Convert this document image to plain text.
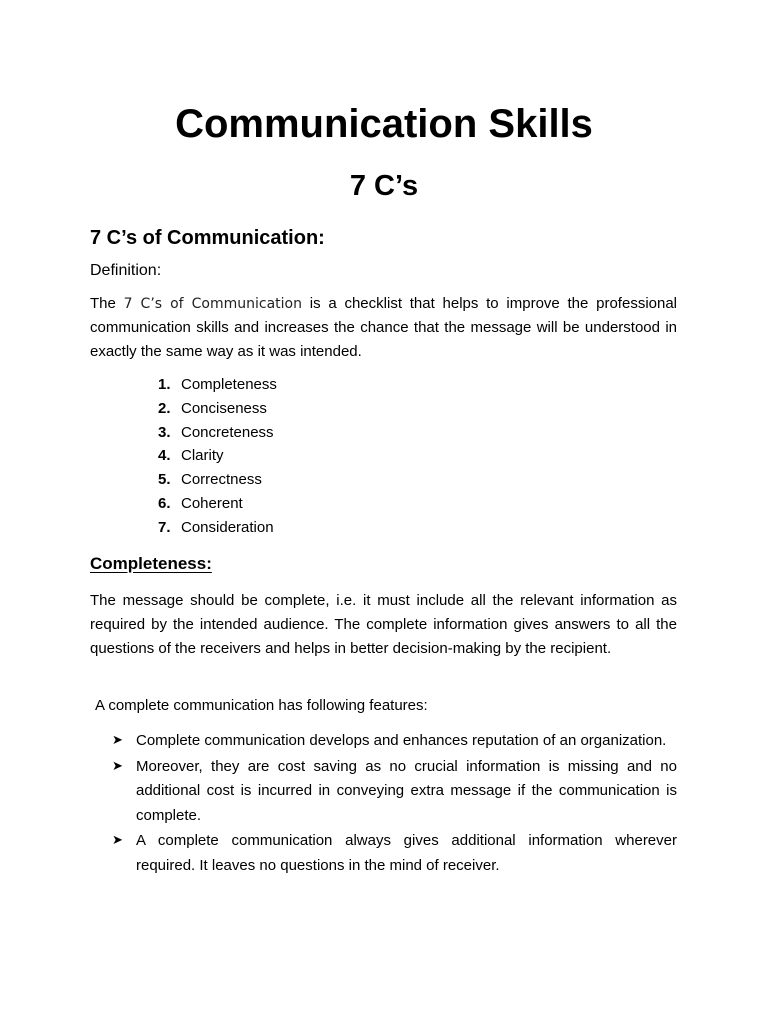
Communication Skills
7 C’s
7 C’s of Communication:
Definition:
The 7 C’s of Communication is a checklist that helps to improve the professional communication skills and increases the chance that the message will be understood in exactly the same way as it was intended.
1. Completeness
2. Conciseness
3. Concreteness
4. Clarity
5. Correctness
6. Coherent
7. Consideration
Completeness:
The message should be complete, i.e. it must include all the relevant information as required by the intended audience. The complete information gives answers to all the questions of the receivers and helps in better decision-making by the recipient.
A complete communication has following features:
➤ Complete communication develops and enhances reputation of an organization.
➤ Moreover, they are cost saving as no crucial information is missing and no additional cost is incurred in conveying extra message if the communication is complete.
➤ A complete communication always gives additional information wherever required. It leaves no questions in the mind of receiver.
